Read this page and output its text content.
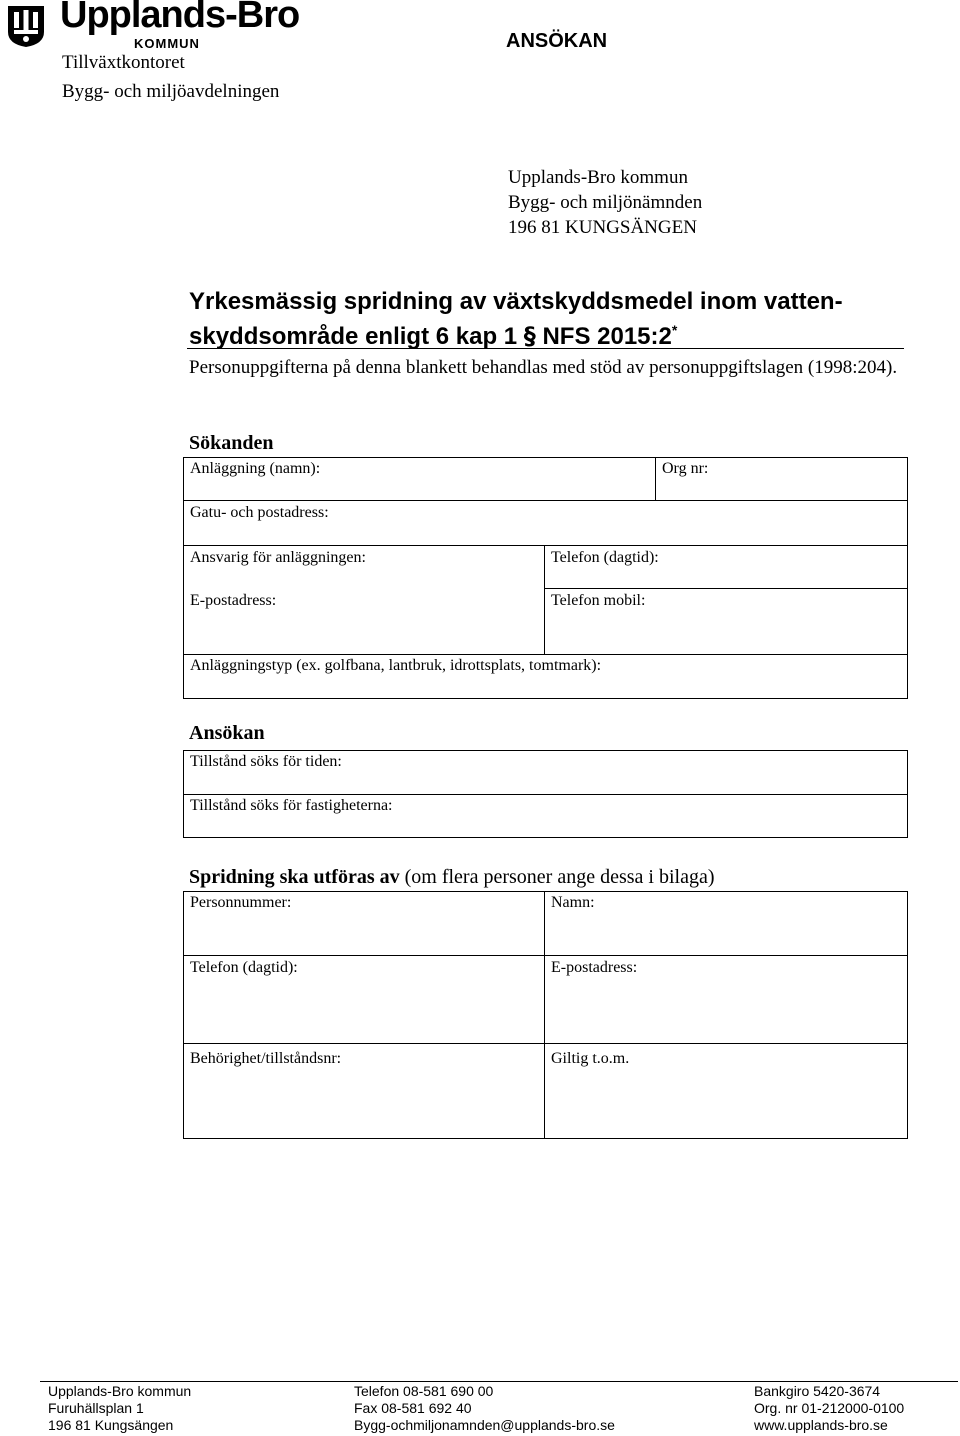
Upplands-Bro
KOMMUN
Tillväxtkontoret
Bygg- och miljöavdelningen
ANSÖKAN
Upplands-Bro kommun
Bygg- och miljönämnden
196 81 KUNGSÄNGEN
Yrkesmässig spridning av växtskyddsmedel inom vatten-
skyddsområde enligt 6 kap 1 § NFS 2015:2*
Personuppgifterna på denna blankett behandlas med stöd av personuppgiftslagen (1998:204).
Sökanden
Anläggning (namn):	Org nr:
Gatu- och postadress:
Ansvarig för anläggningen:	Telefon (dagtid):
E-postadress:	Telefon mobil:
Anläggningstyp (ex. golfbana, lantbruk, idrottsplats, tomtmark):
Ansökan
Tillstånd söks för tiden:
Tillstånd söks för fastigheterna:
Spridning ska utföras av (om flera personer ange dessa i bilaga)
Personnummer:	Namn:
Telefon (dagtid):	E-postadress:
Behörighet/tillståndsnr:	Giltig t.o.m.
Upplands-Bro kommun
Furuhällsplan 1
196 81 Kungsängen
Telefon 08-581 690 00
Fax 08-581 692 40
Bygg-ochmiljonamnden@upplands-bro.se
Bankgiro 5420-3674
Org. nr 01-212000-0100
www.upplands-bro.se
